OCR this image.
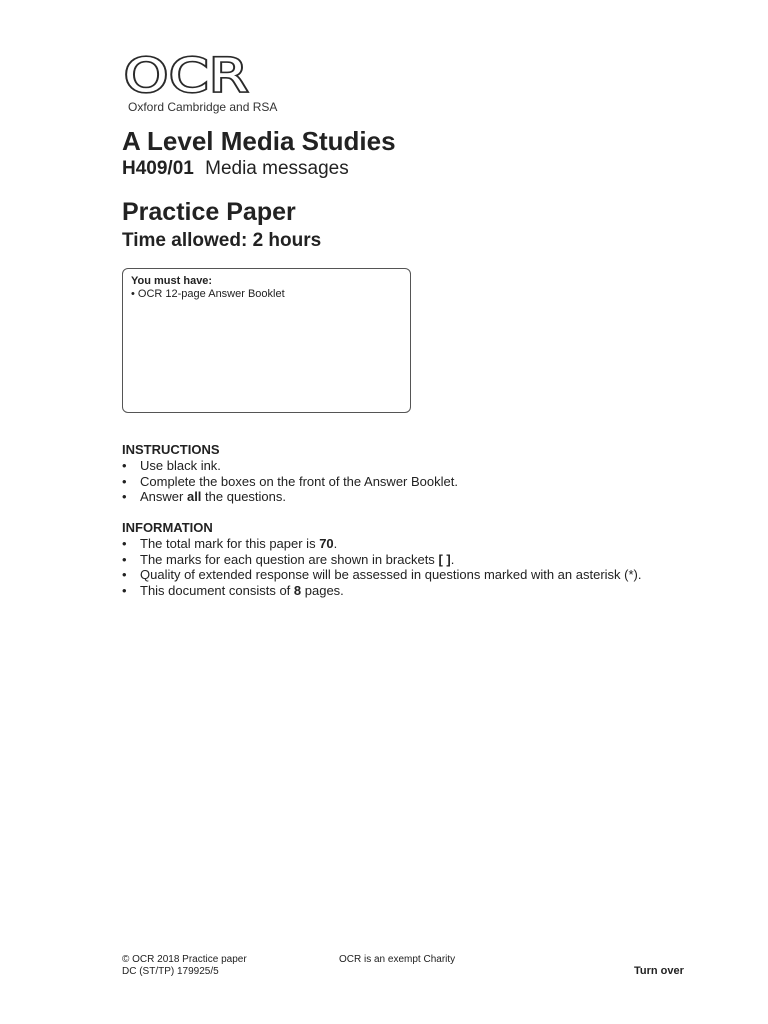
OCR
Oxford Cambridge and RSA
A Level Media Studies
H409/01 Media messages
Practice Paper
Time allowed: 2 hours
You must have:
• OCR 12-page Answer Booklet
INSTRUCTIONS
• Use black ink.
• Complete the boxes on the front of the Answer Booklet.
• Answer all the questions.
INFORMATION
• The total mark for this paper is 70.
• The marks for each question are shown in brackets [ ].
• Quality of extended response will be assessed in questions marked with an asterisk (*).
• This document consists of 8 pages.
© OCR 2018 Practice paper
DC (ST/TP) 179925/5
OCR is an exempt Charity
Turn over
